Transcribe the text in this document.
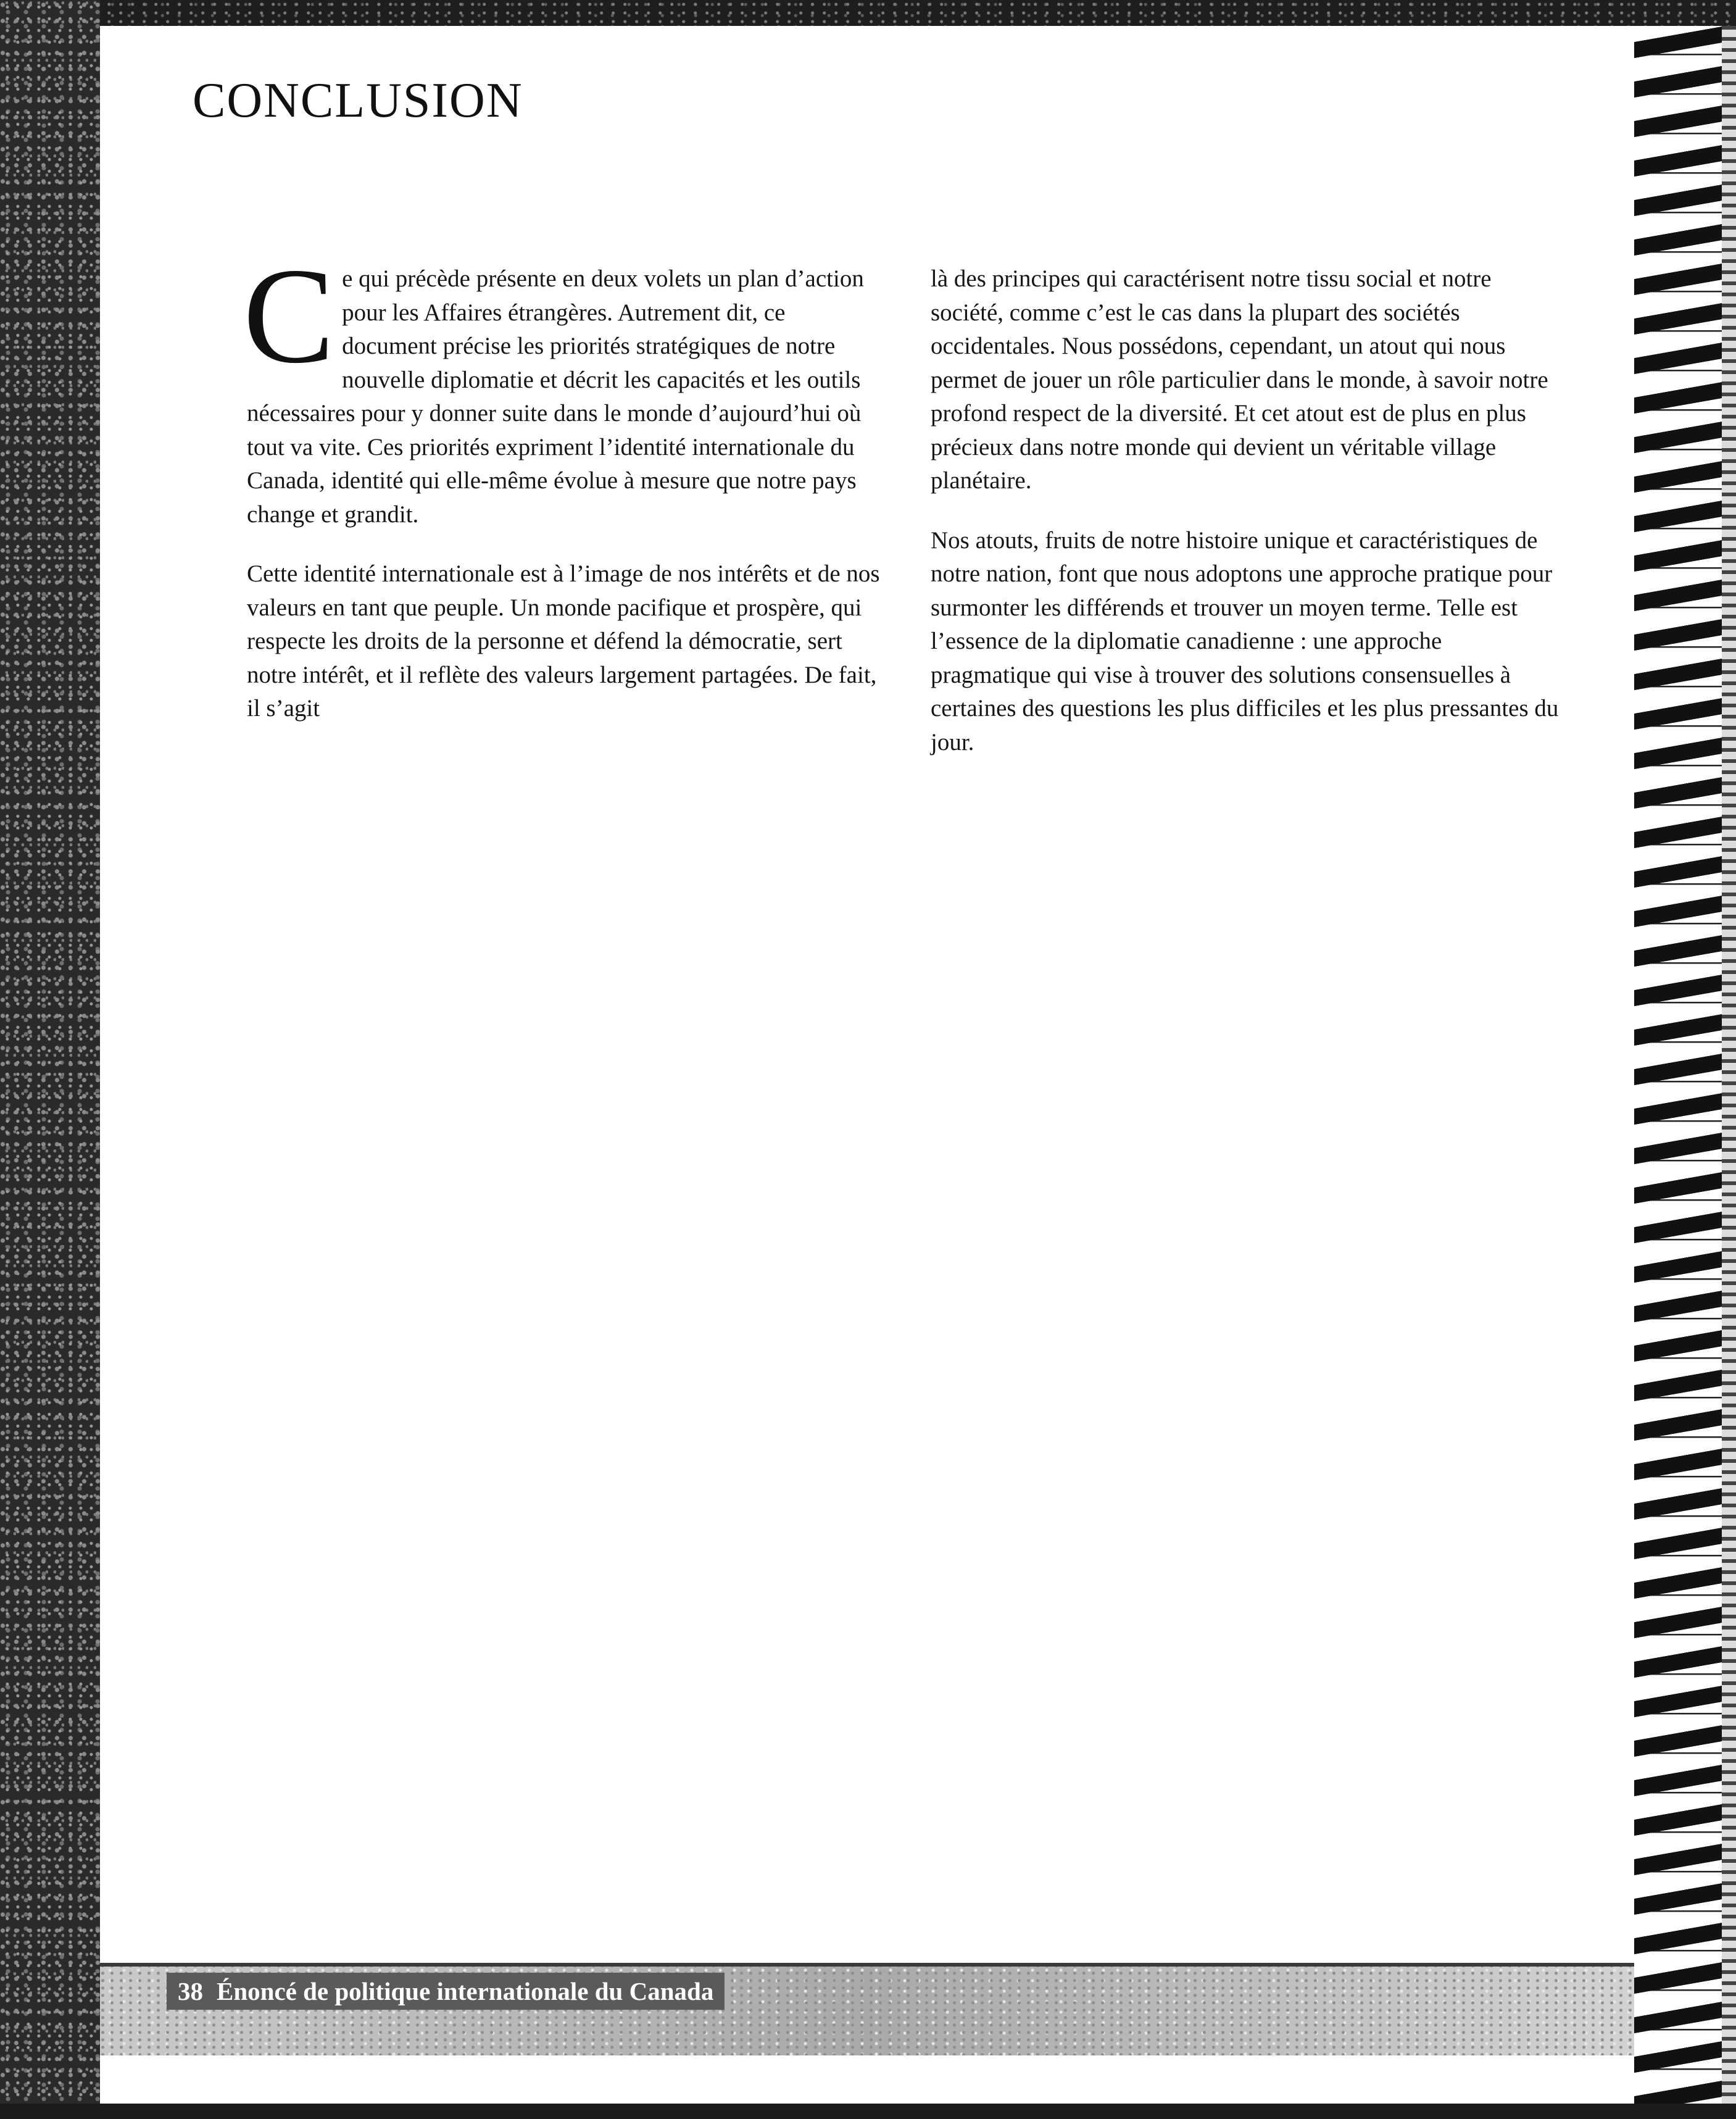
CONCLUSION

Ce qui précède présente en deux volets un plan d’action pour les Affaires étrangères. Autrement dit, ce document précise les priorités stratégiques de notre nouvelle diplomatie et décrit les capacités et les outils nécessaires pour y donner suite dans le monde d’aujourd’hui où tout va vite. Ces priorités expriment l’identité internationale du Canada, identité qui elle-même évolue à mesure que notre pays change et grandit.

Cette identité internationale est à l’image de nos intérêts et de nos valeurs en tant que peuple. Un monde pacifique et prospère, qui respecte les droits de la personne et défend la démocratie, sert notre intérêt, et il reflète des valeurs largement partagées. De fait, il s’agit

là des principes qui caractérisent notre tissu social et notre société, comme c’est le cas dans la plupart des sociétés occidentales. Nous possédons, cependant, un atout qui nous permet de jouer un rôle particulier dans le monde, à savoir notre profond respect de la diversité. Et cet atout est de plus en plus précieux dans notre monde qui devient un véritable village planétaire.

Nos atouts, fruits de notre histoire unique et caractéristiques de notre nation, font que nous adoptons une approche pratique pour surmonter les différends et trouver un moyen terme. Telle est l’essence de la diplomatie canadienne : une approche pragmatique qui vise à trouver des solutions consensuelles à certaines des questions les plus difficiles et les plus pressantes du jour.

38 Énoncé de politique internationale du Canada
